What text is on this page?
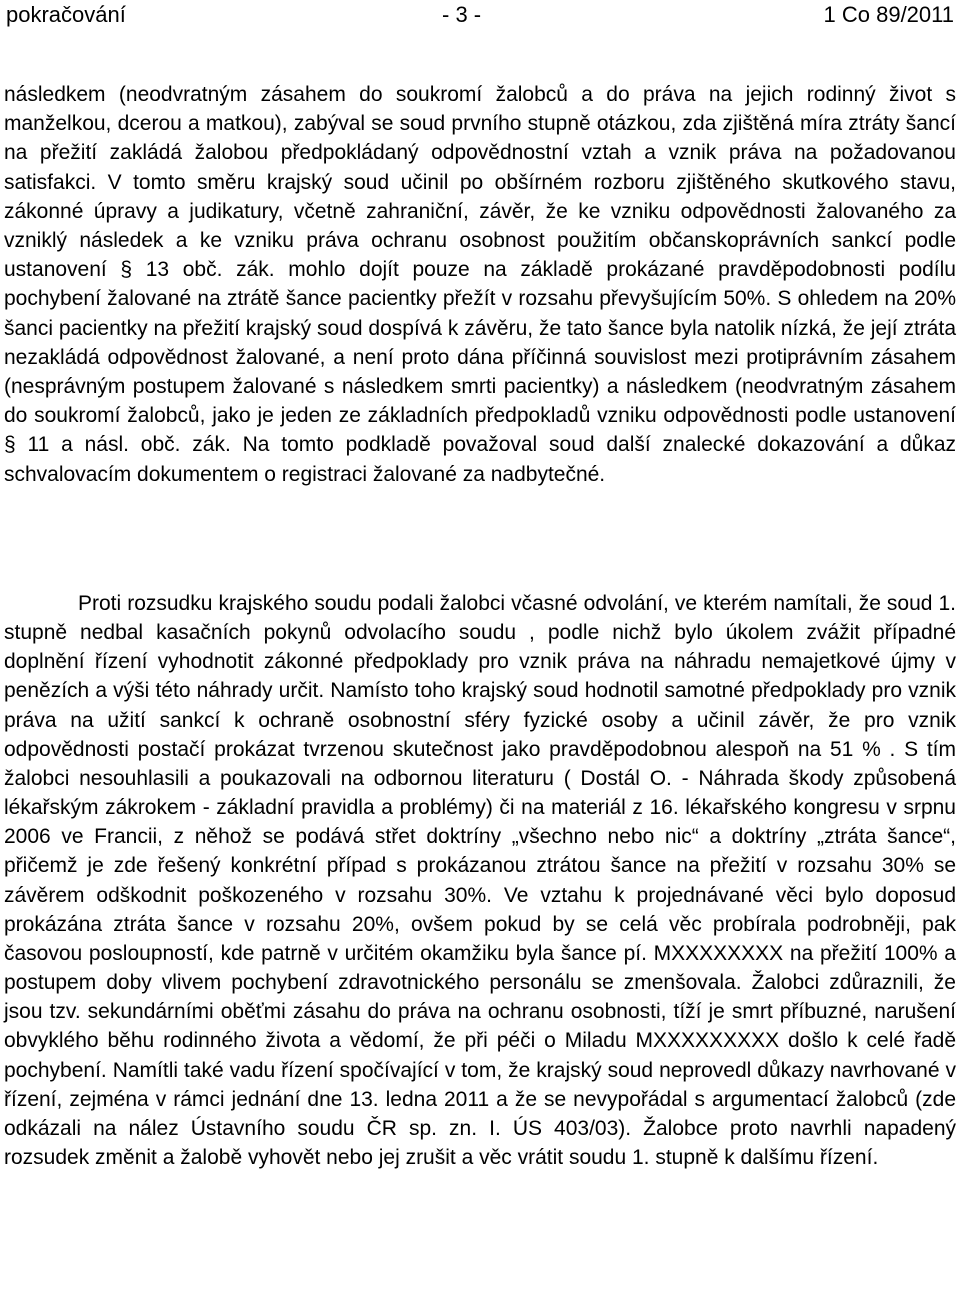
pokračování	- 3 -	1 Co 89/2011

následkem (neodvratným zásahem do soukromí žalobců a do práva na jejich rodinný život s manželkou, dcerou a matkou), zabýval se soud prvního stupně otázkou, zda zjištěná míra ztráty šancí na přežití zakládá žalobou předpokládaný odpovědnostní vztah a vznik práva na požadovanou satisfakci. V tomto směru krajský soud učinil po obšírném rozboru zjištěného skutkového stavu, zákonné úpravy a judikatury, včetně zahraniční, závěr, že ke vzniku odpovědnosti žalovaného za vzniklý následek a ke vzniku práva ochranu osobnost použitím občanskoprávních sankcí podle ustanovení § 13 obč. zák. mohlo dojít pouze na základě prokázané pravděpodobnosti podílu pochybení žalované na ztrátě šance pacientky přežít v rozsahu převyšujícím 50%. S ohledem na 20% šanci pacientky na přežití krajský soud dospívá k závěru, že tato šance byla natolik nízká, že její ztráta nezakládá odpovědnost žalované, a není proto dána příčinná souvislost mezi protiprávním zásahem (nesprávným postupem žalované s následkem smrti pacientky) a následkem (neodvratným zásahem do soukromí žalobců, jako je jeden ze základních předpokladů vzniku odpovědnosti podle ustanovení § 11 a násl. obč. zák. Na tomto podkladě považoval soud další znalecké dokazování a důkaz schvalovacím dokumentem o registraci žalované za nadbytečné.

Proti rozsudku krajského soudu podali žalobci včasné odvolání, ve kterém namítali, že soud 1. stupně nedbal kasačních pokynů odvolacího soudu , podle nichž bylo úkolem zvážit případné doplnění řízení vyhodnotit zákonné předpoklady pro vznik práva na náhradu nemajetkové újmy v penězích a výši této náhrady určit. Namísto toho krajský soud hodnotil samotné předpoklady pro vznik práva na užití sankcí k ochraně osobnostní sféry fyzické osoby a učinil závěr, že pro vznik odpovědnosti postačí prokázat tvrzenou skutečnost jako pravděpodobnou alespoň na 51 % . S tím žalobci nesouhlasili a poukazovali na odbornou literaturu ( Dostál O. - Náhrada škody způsobená lékařským zákrokem - základní pravidla a problémy) či na materiál z 16. lékařského kongresu v srpnu 2006 ve Francii, z něhož se podává střet doktríny „všechno nebo nic“ a doktríny „ztráta šance“, přičemž je zde řešený konkrétní případ s prokázanou ztrátou šance na přežití v rozsahu 30% se závěrem odškodnit poškozeného v rozsahu 30%. Ve vztahu k projednávané věci bylo doposud prokázána ztráta šance v rozsahu 20%, ovšem pokud by se celá věc probírala podrobněji, pak časovou posloupností, kde patrně v určitém okamžiku byla šance pí. MXXXXXXXX na přežití 100% a postupem doby vlivem pochybení zdravotnického personálu se zmenšovala. Žalobci zdůraznili, že jsou tzv. sekundárními oběťmi zásahu do práva na ochranu osobnosti, tíží je smrt příbuzné, narušení obvyklého běhu rodinného života a vědomí, že při péči o Miladu MXXXXXXXXX došlo k celé řadě pochybení. Namítli také vadu řízení spočívající v tom, že krajský soud neprovedl důkazy navrhované v řízení, zejména v rámci jednání dne 13. ledna 2011 a že se nevypořádal s argumentací žalobců (zde odkázali na nález Ústavního soudu ČR sp. zn. I. ÚS 403/03). Žalobce proto navrhli napadený rozsudek změnit a žalobě vyhovět nebo jej zrušit a věc vrátit soudu 1. stupně k dalšímu řízení.
